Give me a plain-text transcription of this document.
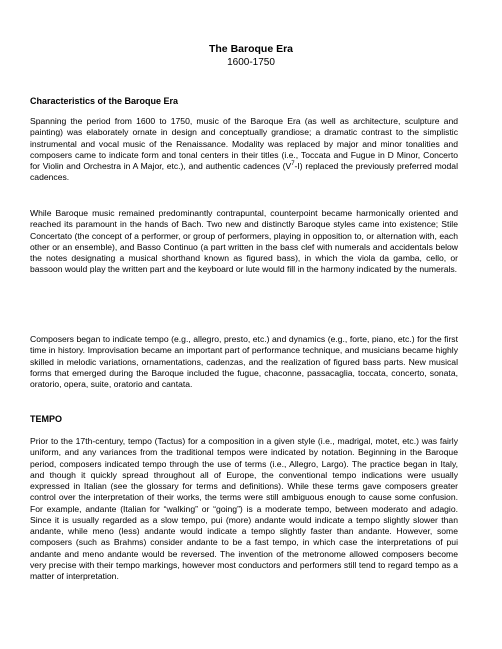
The Baroque Era
1600-1750
Characteristics of the Baroque Era
Spanning the period from 1600 to 1750, music of the Baroque Era (as well as architecture, sculpture and painting) was elaborately ornate in design and conceptually grandiose; a dramatic contrast to the simplistic instrumental and vocal music of the Renaissance. Modality was replaced by major and minor tonalities and composers came to indicate form and tonal centers in their titles (i.e., Toccata and Fugue in D Minor, Concerto for Violin and Orchestra in A Major, etc.), and authentic cadences $(V^7-I)$ replaced the previously preferred modal cadences.
While Baroque music remained predominantly contrapuntal, counterpoint became harmonically oriented and reached its paramount in the hands of Bach. Two new and distinctly Baroque styles came into existence; Stile Concertato (the concept of a performer, or group of performers, playing in opposition to, or alternation with, each other or an ensemble), and Basso Continuo (a part written in the bass clef with numerals and accidentals below the notes designating a musical shorthand known as figured bass), in which the viola da gamba, cello, or bassoon would play the written part and the keyboard or lute would fill in the harmony indicated by the numerals.
Composers began to indicate tempo (e.g., allegro, presto, etc.) and dynamics (e.g., forte, piano, etc.) for the first time in history. Improvisation became an important part of performance technique, and musicians became highly skilled in melodic variations, ornamentations, cadenzas, and the realization of figured bass parts. New musical forms that emerged during the Baroque included the fugue, chaconne, passacaglia, toccata, concerto, sonata, oratorio, opera, suite, oratorio and cantata.
TEMPO
Prior to the 17th-century, tempo (Tactus) for a composition in a given style (i.e., madrigal, motet, etc.) was fairly uniform, and any variances from the traditional tempos were indicated by notation. Beginning in the Baroque period, composers indicated tempo through the use of terms (i.e., Allegro, Largo). The practice began in Italy, and though it quickly spread throughout all of Europe, the conventional tempo indications were usually expressed in Italian (see the glossary for terms and definitions). While these terms gave composers greater control over the interpretation of their works, the terms were still ambiguous enough to cause some confusion. For example, andante (Italian for “walking” or “going”) is a moderate tempo, between moderato and adagio. Since it is usually regarded as a slow tempo, pui (more) andante would indicate a tempo slightly slower than andante, while meno (less) andante would indicate a tempo slightly faster than andante. However, some composers (such as Brahms) consider andante to be a fast tempo, in which case the interpretations of pui andante and meno andante would be reversed. The invention of the metronome allowed composers become very precise with their tempo markings, however most conductors and performers still tend to regard tempo as a matter of interpretation.
